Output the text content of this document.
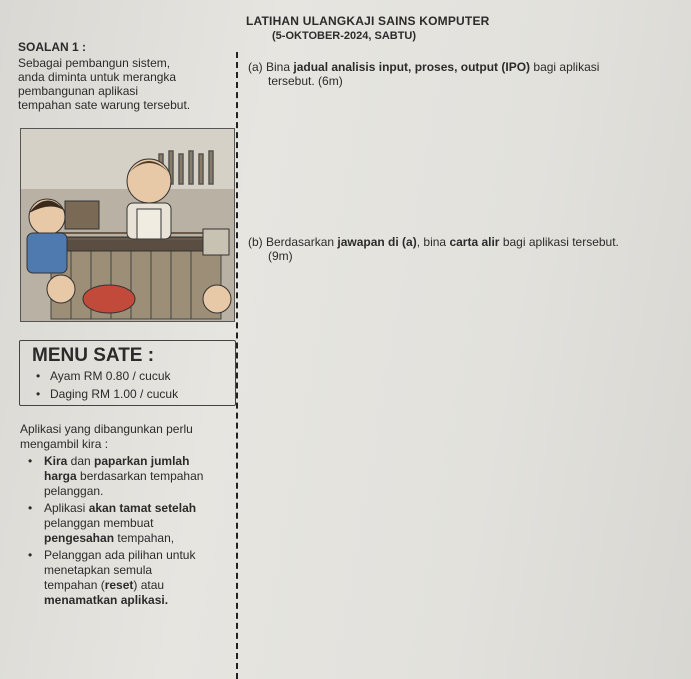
LATIHAN ULANGKAJI SAINS KOMPUTER
(5-OKTOBER-2024, SABTU)
SOALAN 1 :
Sebagai pembangun sistem,
anda diminta untuk merangka
pembangunan aplikasi
tempahan sate warung tersebut.
(a) Bina jadual analisis input, proses, output (IPO) bagi aplikasi
tersebut. (6m)
(b) Berdasarkan jawapan di (a), bina carta alir bagi aplikasi tersebut.
(9m)
MENU SATE :
• Ayam RM 0.80 / cucuk
• Daging RM 1.00 / cucuk
Aplikasi yang dibangunkan perlu
mengambil kira :
• Kira dan paparkan jumlah
harga berdasarkan tempahan
pelanggan.
• Aplikasi akan tamat setelah
pelanggan membuat
pengesahan tempahan,
• Pelanggan ada pilihan untuk
menetapkan semula
tempahan (reset) atau
menamatkan aplikasi.
